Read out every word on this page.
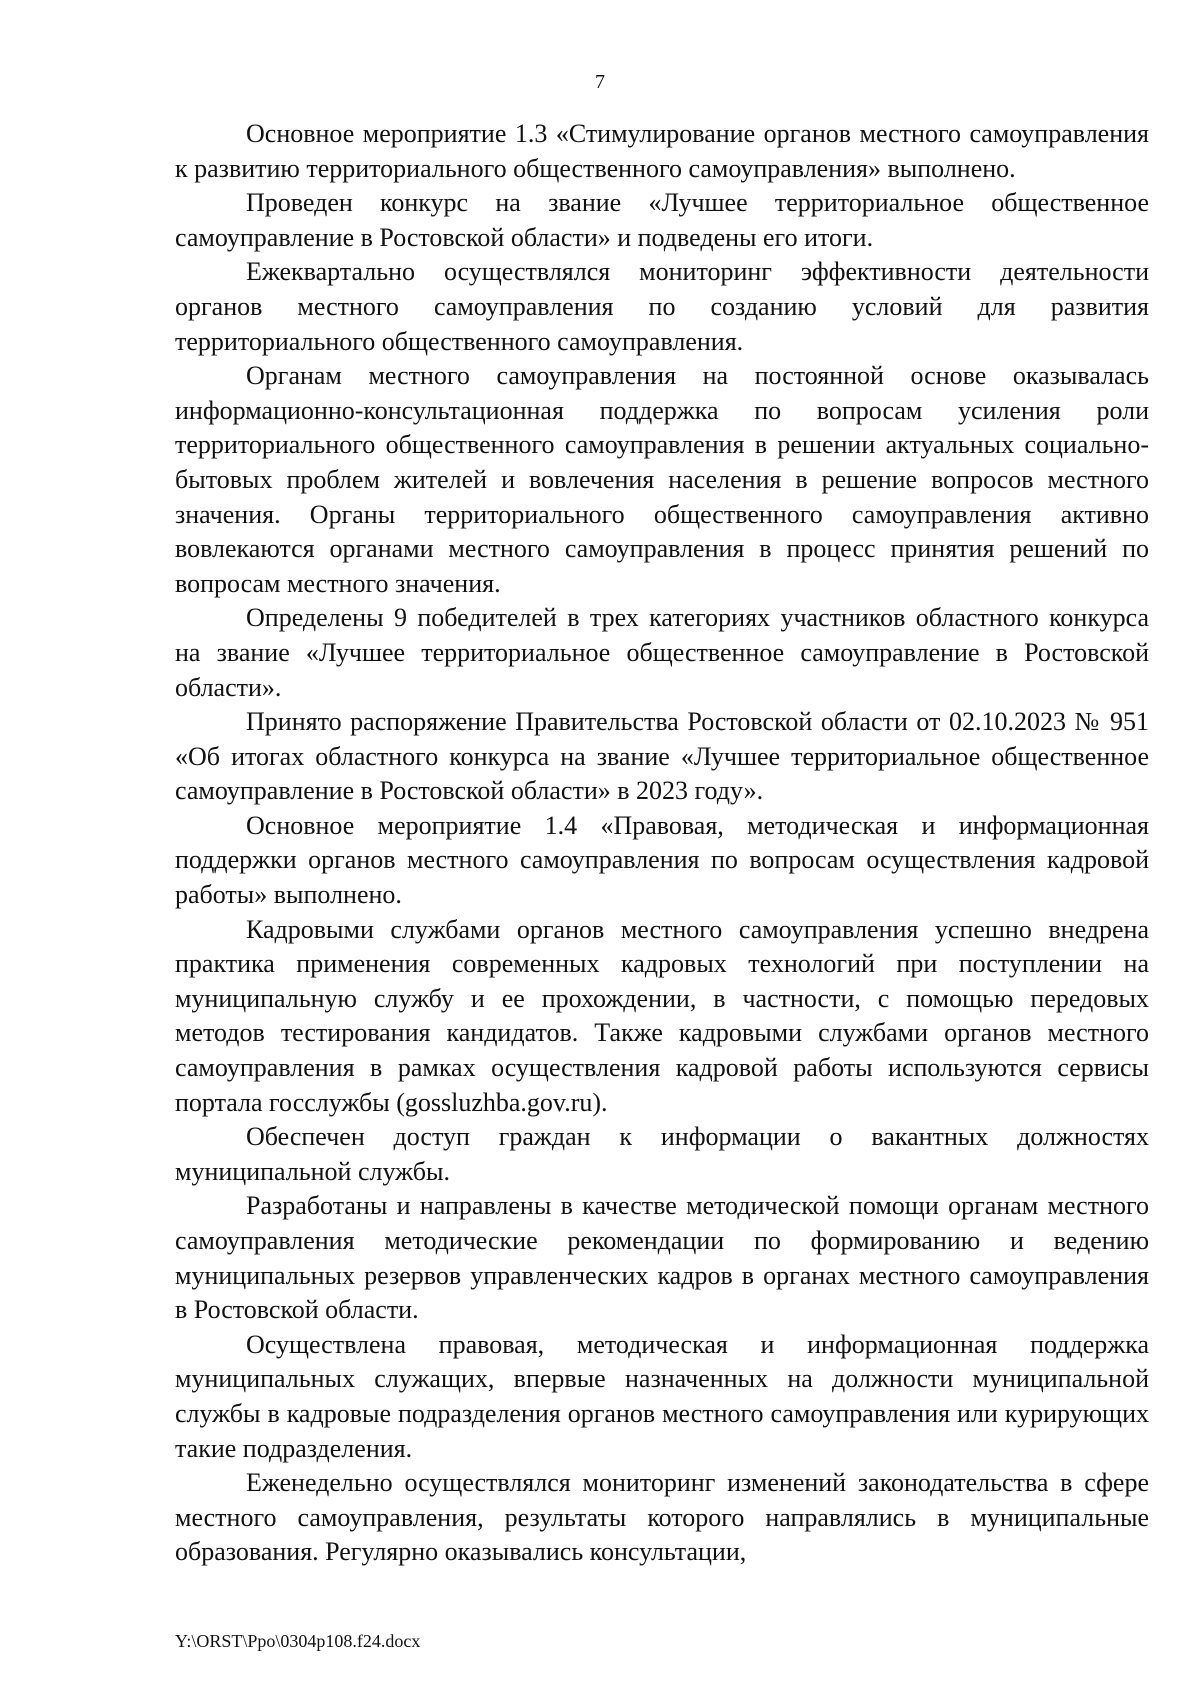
7

Основное мероприятие 1.3 «Стимулирование органов местного самоуправления к развитию территориального общественного самоуправления» выполнено.

Проведен конкурс на звание «Лучшее территориальное общественное самоуправление в Ростовской области» и подведены его итоги.

Ежеквартально осуществлялся мониторинг эффективности деятельности органов местного самоуправления по созданию условий для развития территориального общественного самоуправления.

Органам местного самоуправления на постоянной основе оказывалась информационно-консультационная поддержка по вопросам усиления роли территориального общественного самоуправления в решении актуальных социально-бытовых проблем жителей и вовлечения населения в решение вопросов местного значения. Органы территориального общественного самоуправления активно вовлекаются органами местного самоуправления в процесс принятия решений по вопросам местного значения.

Определены 9 победителей в трех категориях участников областного конкурса на звание «Лучшее территориальное общественное самоуправление в Ростовской области».

Принято распоряжение Правительства Ростовской области от 02.10.2023 № 951 «Об итогах областного конкурса на звание «Лучшее территориальное общественное самоуправление в Ростовской области» в 2023 году».

Основное мероприятие 1.4 «Правовая, методическая и информационная поддержки органов местного самоуправления по вопросам осуществления кадровой работы» выполнено.

Кадровыми службами органов местного самоуправления успешно внедрена практика применения современных кадровых технологий при поступлении на муниципальную службу и ее прохождении, в частности, с помощью передовых методов тестирования кандидатов. Также кадровыми службами органов местного самоуправления в рамках осуществления кадровой работы используются сервисы портала госслужбы (gossluzhba.gov.ru).

Обеспечен доступ граждан к информации о вакантных должностях муниципальной службы.

Разработаны и направлены в качестве методической помощи органам местного самоуправления методические рекомендации по формированию и ведению муниципальных резервов управленческих кадров в органах местного самоуправления в Ростовской области.

Осуществлена правовая, методическая и информационная поддержка муниципальных служащих, впервые назначенных на должности муниципальной службы в кадровые подразделения органов местного самоуправления или курирующих такие подразделения.

Еженедельно осуществлялся мониторинг изменений законодательства в сфере местного самоуправления, результаты которого направлялись в муниципальные образования. Регулярно оказывались консультации,

Y:\ORST\Ppo\0304p108.f24.docx
